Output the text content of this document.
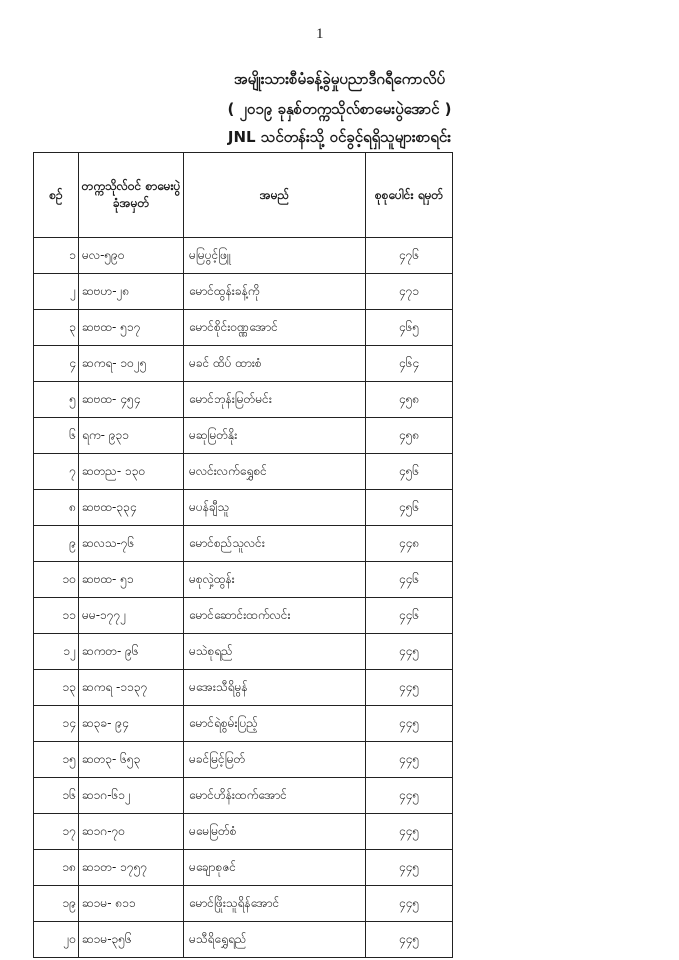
1
အမျိုးသားစီမံခန့်ခွဲမှုပညာဒီဂရီကောလိပ်
( ၂၀၁၉ ခုနှစ်တက္ကသိုလ်စာမေးပွဲအောင် )
JNL သင်တန်းသို့ ဝင်ခွင့်ရရှိသူများစာရင်း
စဉ်	တက္ကသိုလ်ဝင် စာမေးပွဲ ခုံအမှတ်	အမည်	စုစုပေါင်း ရမှတ်
၁	မလ-၅၉၀	မမြပွင့်ဖြူ	၄၇၆
၂	ဆဗဟ-၂၈	မောင်ထွန်းခန့်ကို	၄၇၁
၃	ဆဗထ- ၅၁၇	မောင်စိုင်းဝဏ္ဏအောင်	၄၆၅
၄	ဆကရ- ၁၀၂၅	မခင် ထိပ် ထားစံ	၄၆၄
၅	ဆဗထ- ၄၅၄	မောင်ဘုန်းမြတ်မင်း	၄၅၈
၆	ရက- ၉၃၁	မဆုမြတ်နိုး	၄၅၈
၇	ဆတည- ၁၃၀	မလင်းလက်ရွှေစင်	၄၅၆
၈	ဆဗထ-၃၃၄	မပန်ချီသူ	၄၅၆
၉	ဆလသ-၇၆	မောင်စည်သူလင်း	၄၄၈
၁၀	ဆဗထ- ၅၁	မစုလှဲ့ထွန်း	၄၄၆
၁၁	မမ-၁၇၇၂	မောင်ဆောင်းထက်လင်း	၄၄၆
၁၂	ဆကတ- ၉၆	မသဲစုရည်	၄၄၅
၁၃	ဆကရ -၁၁၃၇	မအေးသီရိမွန်	၄၄၅
၁၄	ဆ၃ခ- ၉၄	မောင်ရဲစွမ်းပြည့်	၄၄၅
၁၅	ဆတ၃- ၆၅၃	မခင်မြင့်မြတ်	၄၄၅
၁၆	ဆ၁ဂ-၆၁၂	မောင်ဟိန်းထက်အောင်	၄၄၅
၁၇	ဆ၁ဂ-၇၀	မမေမြတ်စံ	၄၄၅
၁၈	ဆ၁တ- ၁၇၅၇	မချောစုဇင်	၄၄၅
၁၉	ဆ၁မ- ၈၁၁	မောင်ဖြိုးသူရိန်အောင်	၄၄၅
၂၀	ဆ၁မ-၃၅၆	မသီရိရွှေရည်	၄၄၅
